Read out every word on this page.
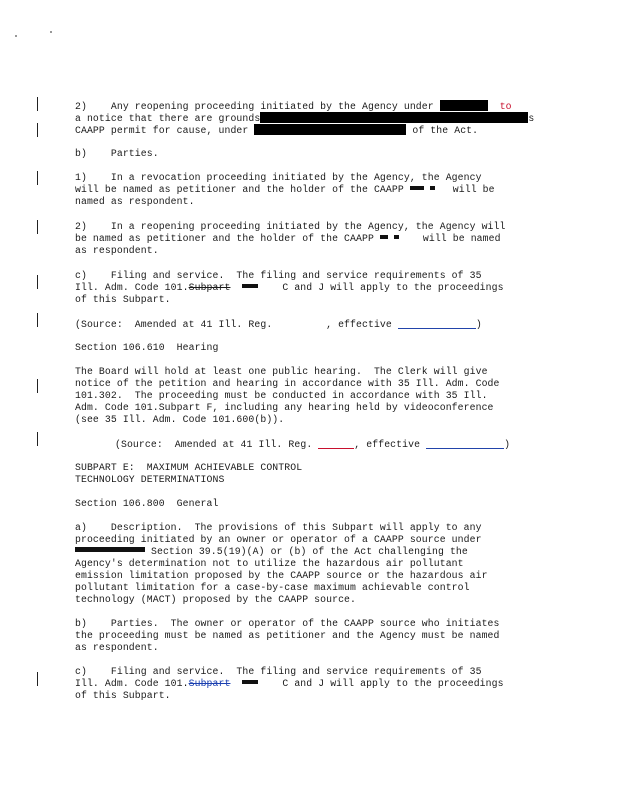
2)    Any reopening proceeding initiated by the Agency under	to
a notice that there are grounds	s
CAAPP permit for cause, under	of the Act.
b)    Parties.
1)    In a revocation proceeding initiated by the Agency, the Agency
will be named as petitioner and the holder of the CAAPP	will be
named as respondent.
2)    In a reopening proceeding initiated by the Agency, the Agency will
be named as petitioner and the holder of the CAAPP	will be named
as respondent.
c)    Filing and service.  The filing and service requirements of 35
Ill. Adm. Code 101.Subpart	C and J will apply to the proceedings
of this Subpart.
(Source:  Amended at 41 Ill. Reg.	, effective	)
Section 106.610  Hearing
The Board will hold at least one public hearing.  The Clerk will give
notice of the petition and hearing in accordance with 35 Ill. Adm. Code
101.302.  The proceeding must be conducted in accordance with 35 Ill.
Adm. Code 101.Subpart F, including any hearing held by videoconference
(see 35 Ill. Adm. Code 101.600(b)).
(Source:  Amended at 41 Ill. Reg.	, effective	)
SUBPART E:  MAXIMUM ACHIEVABLE CONTROL
TECHNOLOGY DETERMINATIONS
Section 106.800  General
a)    Description.  The provisions of this Subpart will apply to any
proceeding initiated by an owner or operator of a CAAPP source under
Section 39.5(19)(A) or (b) of the Act challenging the
Agency's determination not to utilize the hazardous air pollutant
emission limitation proposed by the CAAPP source or the hazardous air
pollutant limitation for a case-by-case maximum achievable control
technology (MACT) proposed by the CAAPP source.
b)    Parties.  The owner or operator of the CAAPP source who initiates
the proceeding must be named as petitioner and the Agency must be named
as respondent.
c)    Filing and service.  The filing and service requirements of 35
Ill. Adm. Code 101.Subpart	C and J will apply to the proceedings
of this Subpart.
